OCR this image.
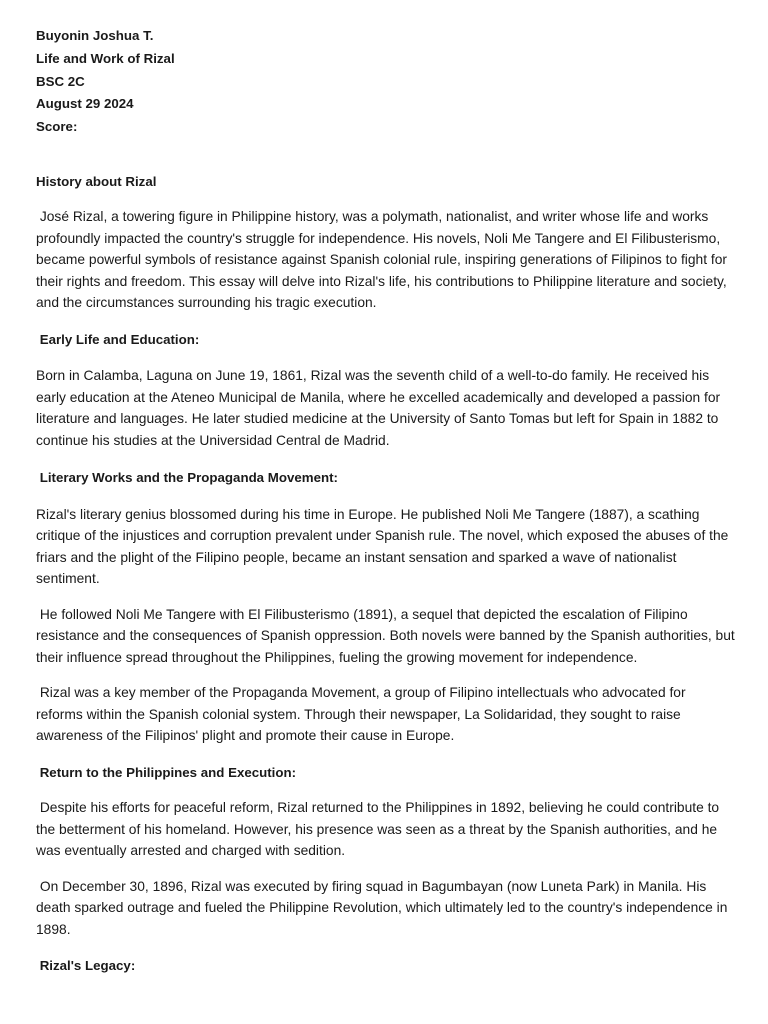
Buyonin Joshua T.

Life and Work of Rizal

BSC 2C

August 29 2024

Score:

History about Rizal

José Rizal, a towering figure in Philippine history, was a polymath, nationalist, and writer whose life and works profoundly impacted the country's struggle for independence. His novels, Noli Me Tangere and El Filibusterismo, became powerful symbols of resistance against Spanish colonial rule, inspiring generations of Filipinos to fight for their rights and freedom. This essay will delve into Rizal's life, his contributions to Philippine literature and society, and the circumstances surrounding his tragic execution.

Early Life and Education:

Born in Calamba, Laguna on June 19, 1861, Rizal was the seventh child of a well-to-do family. He received his early education at the Ateneo Municipal de Manila, where he excelled academically and developed a passion for literature and languages. He later studied medicine at the University of Santo Tomas but left for Spain in 1882 to continue his studies at the Universidad Central de Madrid.

Literary Works and the Propaganda Movement:

Rizal's literary genius blossomed during his time in Europe. He published Noli Me Tangere (1887), a scathing critique of the injustices and corruption prevalent under Spanish rule. The novel, which exposed the abuses of the friars and the plight of the Filipino people, became an instant sensation and sparked a wave of nationalist sentiment.

He followed Noli Me Tangere with El Filibusterismo (1891), a sequel that depicted the escalation of Filipino resistance and the consequences of Spanish oppression. Both novels were banned by the Spanish authorities, but their influence spread throughout the Philippines, fueling the growing movement for independence.

Rizal was a key member of the Propaganda Movement, a group of Filipino intellectuals who advocated for reforms within the Spanish colonial system. Through their newspaper, La Solidaridad, they sought to raise awareness of the Filipinos' plight and promote their cause in Europe.

Return to the Philippines and Execution:

Despite his efforts for peaceful reform, Rizal returned to the Philippines in 1892, believing he could contribute to the betterment of his homeland. However, his presence was seen as a threat by the Spanish authorities, and he was eventually arrested and charged with sedition.

On December 30, 1896, Rizal was executed by firing squad in Bagumbayan (now Luneta Park) in Manila. His death sparked outrage and fueled the Philippine Revolution, which ultimately led to the country's independence in 1898.

Rizal's Legacy:
